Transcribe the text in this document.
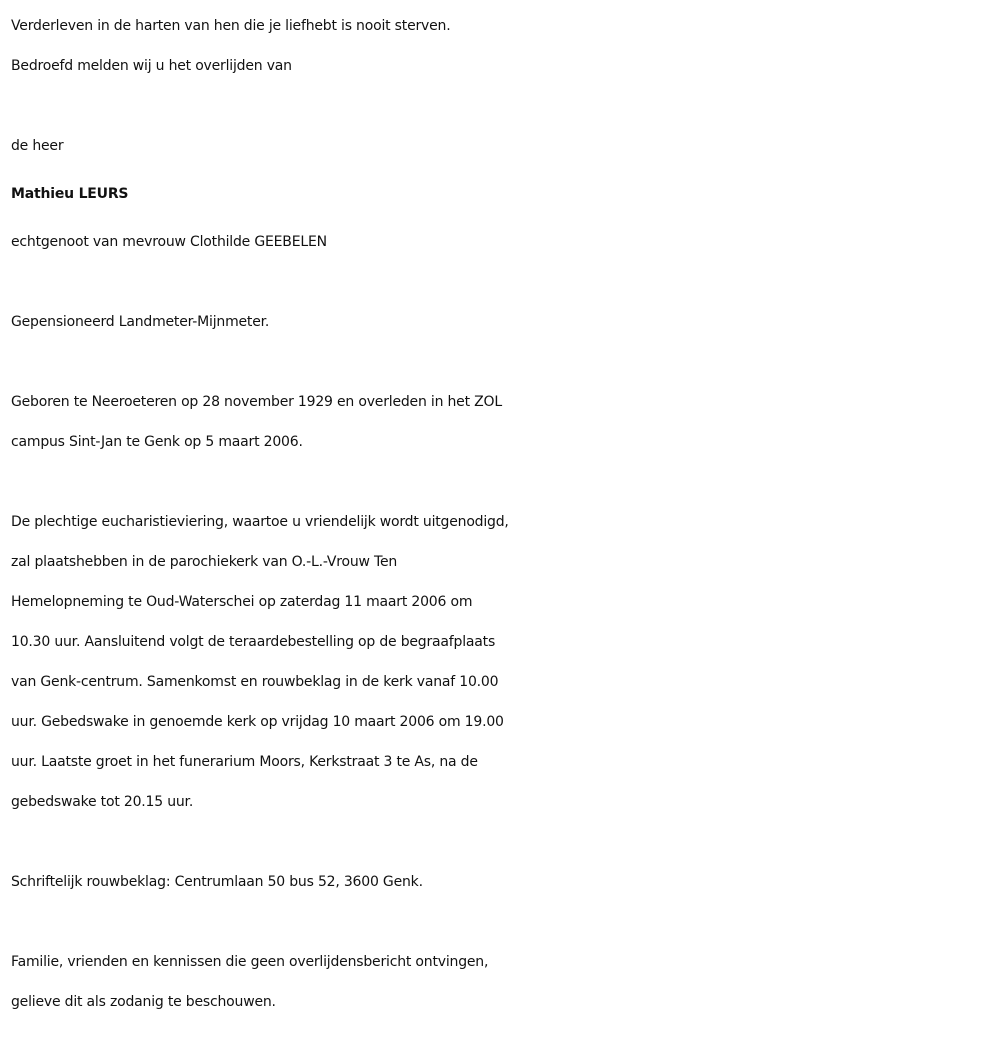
Verderleven in de harten van hen die je liefhebt is nooit sterven.

Bedroefd melden wij u het overlijden van

de heer

Mathieu LEURS

echtgenoot van mevrouw Clothilde GEEBELEN

Gepensioneerd Landmeter-Mijnmeter.

Geboren te Neeroeteren op 28 november 1929 en overleden in het ZOL

campus Sint-Jan te Genk op 5 maart 2006.

De plechtige eucharistieviering, waartoe u vriendelijk wordt uitgenodigd,

zal plaatshebben in de parochiekerk van O.-L.-Vrouw Ten

Hemelopneming te Oud-Waterschei op zaterdag 11 maart 2006 om

10.30 uur. Aansluitend volgt de teraardebestelling op de begraafplaats

van Genk-centrum. Samenkomst en rouwbeklag in de kerk vanaf 10.00

uur. Gebedswake in genoemde kerk op vrijdag 10 maart 2006 om 19.00

uur. Laatste groet in het funerarium Moors, Kerkstraat 3 te As, na de

gebedswake tot 20.15 uur.

Schriftelijk rouwbeklag: Centrumlaan 50 bus 52, 3600 Genk.

Familie, vrienden en kennissen die geen overlijdensbericht ontvingen,

gelieve dit als zodanig te beschouwen.
